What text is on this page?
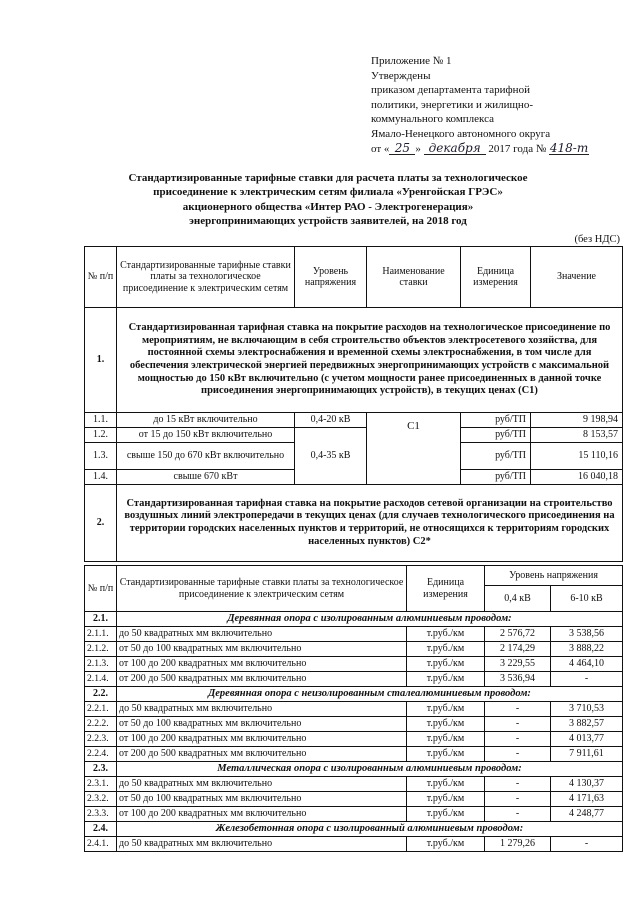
Приложение № 1
Утверждены
приказом департамента тарифной
политики, энергетики и жилищно-
коммунального комплекса
Ямало-Ненецкого автономного округа
от « 25 » декабря 2017 года № 418-т
Стандартизированные тарифные ставки для расчета платы за технологическое
присоединение к электрическим сетям филиала «Уренгойская ГРЭС»
акционерного общества «Интер РАО - Электрогенерация»
энергопринимающих устройств заявителей, на 2018 год
(без НДС)
№ п/п	Стандартизированные тарифные ставки платы за технологическое присоединение к электрическим сетям	Уровень напряжения	Наименование ставки	Единица измерения	Значение
1.	Стандартизированная тарифная ставка на покрытие расходов на технологическое присоединение по мероприятиям, не включающим в себя строительство объектов электросетевого хозяйства, для постоянной схемы электроснабжения и временной схемы электроснабжения, в том числе для обеспечения электрической энергией передвижных энергопринимающих устройств с максимальной мощностью до 150 кВт включительно (с учетом мощности ранее присоединенных в данной точке присоединения энергопринимающих устройств), в текущих ценах (С1)				
1.1.	до 15 кВт включительно	0,4-20 кВ	С1	руб/ТП	9 198,94
1.2.	от 15 до 150 кВт включительно	0,4-35 кВ		руб/ТП	8 153,57
1.3.	свыше 150 до 670 кВт включительно			руб/ТП	15 110,16
1.4.	свыше 670 кВт			руб/ТП	16 040,18
2.	Стандартизированная тарифная ставка на покрытие расходов сетевой организации на строительство воздушных линий электропередачи в текущих ценах (для случаев технологического присоединения на территории городских населенных пунктов и территорий, не относящихся к территориям городских населенных пунктов) С2*				
№ п/п	Стандартизированные тарифные ставки платы за технологическое присоединение к электрическим сетям	Единица измерения	Уровень напряжения	
			0,4 кВ	6-10 кВ
2.1.	Деревянная опора с изолированным алюминиевым проводом:			
2.1.1.	до 50 квадратных мм включительно	т.руб./км	2 576,72	3 538,56
2.1.2.	от 50 до 100 квадратных мм включительно	т.руб./км	2 174,29	3 888,22
2.1.3.	от 100 до 200 квадратных мм включительно	т.руб./км	3 229,55	4 464,10
2.1.4.	от 200 до 500 квадратных мм включительно	т.руб./км	3 536,94	-
2.2.	Деревянная опора с неизолированным сталеалюминиевым проводом:			
2.2.1.	до 50 квадратных мм включительно	т.руб./км	-	3 710,53
2.2.2.	от 50 до 100 квадратных мм включительно	т.руб./км	-	3 882,57
2.2.3.	от 100 до 200 квадратных мм включительно	т.руб./км	-	4 013,77
2.2.4.	от 200 до 500 квадратных мм включительно	т.руб./км	-	7 911,61
2.3.	Металлическая опора с изолированным алюминиевым проводом:			
2.3.1.	до 50 квадратных мм включительно	т.руб./км	-	4 130,37
2.3.2.	от 50 до 100 квадратных мм включительно	т.руб./км	-	4 171,63
2.3.3.	от 100 до 200 квадратных мм включительно	т.руб./км	-	4 248,77
2.4.	Железобетонная опора с изолированный алюминиевым проводом:			
2.4.1.	до 50 квадратных мм включительно	т.руб./км	1 279,26	-
